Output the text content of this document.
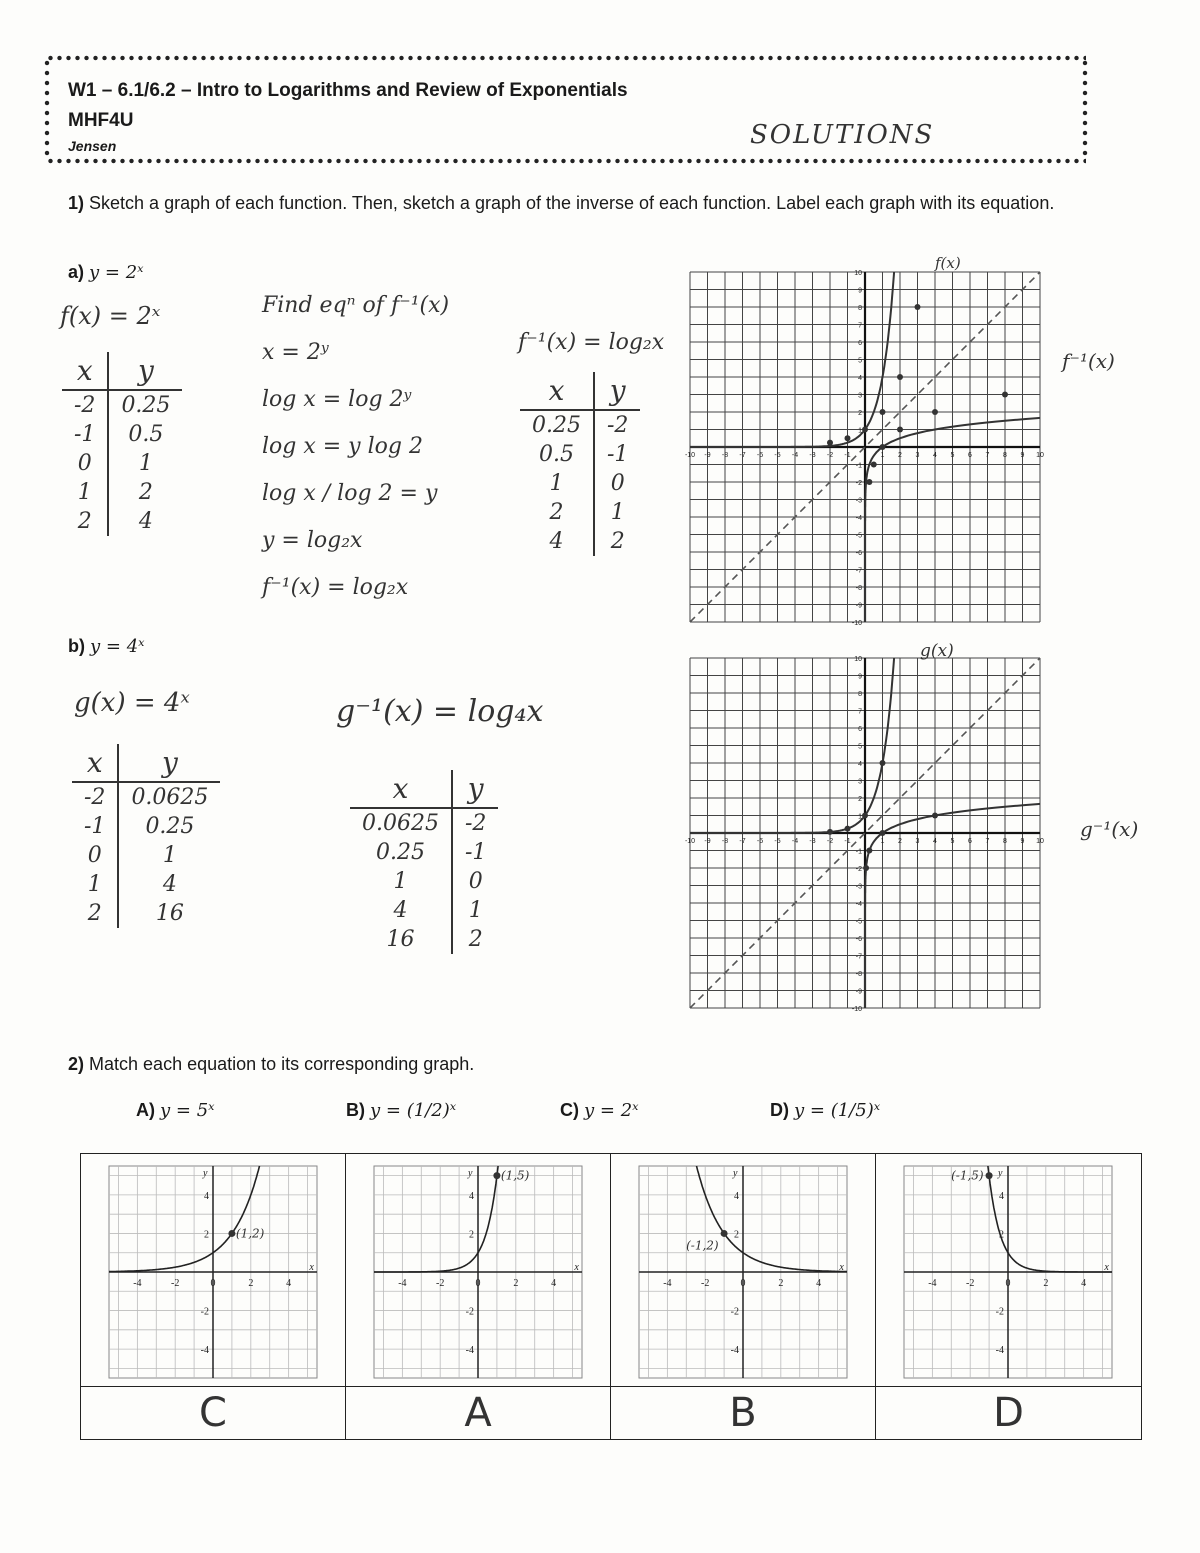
W1 – 6.1/6.2 – Intro to Logarithms and Review of Exponentials
MHF4U
Jensen	SOLUTIONS
1) Sketch a graph of each function. Then, sketch a graph of the inverse of each function. Label each graph with its equation.
a) y = 2ˣ
f(x) = 2ˣ
x	y
-2	0.25
-1	0.5
0	1
1	2
2	4
Find eqⁿ of f⁻¹(x)
x = 2ʸ
log x = log 2ʸ
log x = y log 2
log x / log 2 = y
y = log₂x
f⁻¹(x) = log₂x
f⁻¹(x) = log₂x
x	y
0.25	-2
0.5	-1
1	0
2	1
4	2
b) y = 4ˣ
g(x) = 4ˣ
x	y
-2	0.0625
-1	0.25
0	1
1	4
2	16
g⁻¹(x) = log₄x
x	y
0.0625	-2
0.25	-1
1	0
4	1
16	2
-10
-10
-9
-9
-8
-8
-7
-7
-6
-6
-5
-5
-4
-4
-3
-3
-2
-2
-1
-1
1
1
2
2
3
3
4
4
5
5
6
6
7
7
8
8
9
9
10
10
f(x)
f⁻¹(x)
-10
-10
-9
-9
-8
-8
-7
-7
-6
-6
-5
-5
-4
-4
-3
-3
-2
-2
-1
-1
1
1
2
2
3
3
4
4
5
5
6
6
7
7
8
8
9
9
10
10	g(x)
g⁻¹(x)
2) Match each equation to its corresponding graph.
A) y = 5ˣ	B) y = (1/2)ˣ	C) y = 2ˣ	D) y = (1/5)ˣ
-4	-2	0	2	4
x
y
4
2
-2
-4
(1,2)
-4	-2	0	2	4
x
y
4
2
-2
-4
(1,5)
-4	-2	0	2	4
x
y
4
2
-2
-4
(-1,2)
-4	-2	0	2	4
x
y
4
2
-2
-4
(-1,5)
C	A	B	D
